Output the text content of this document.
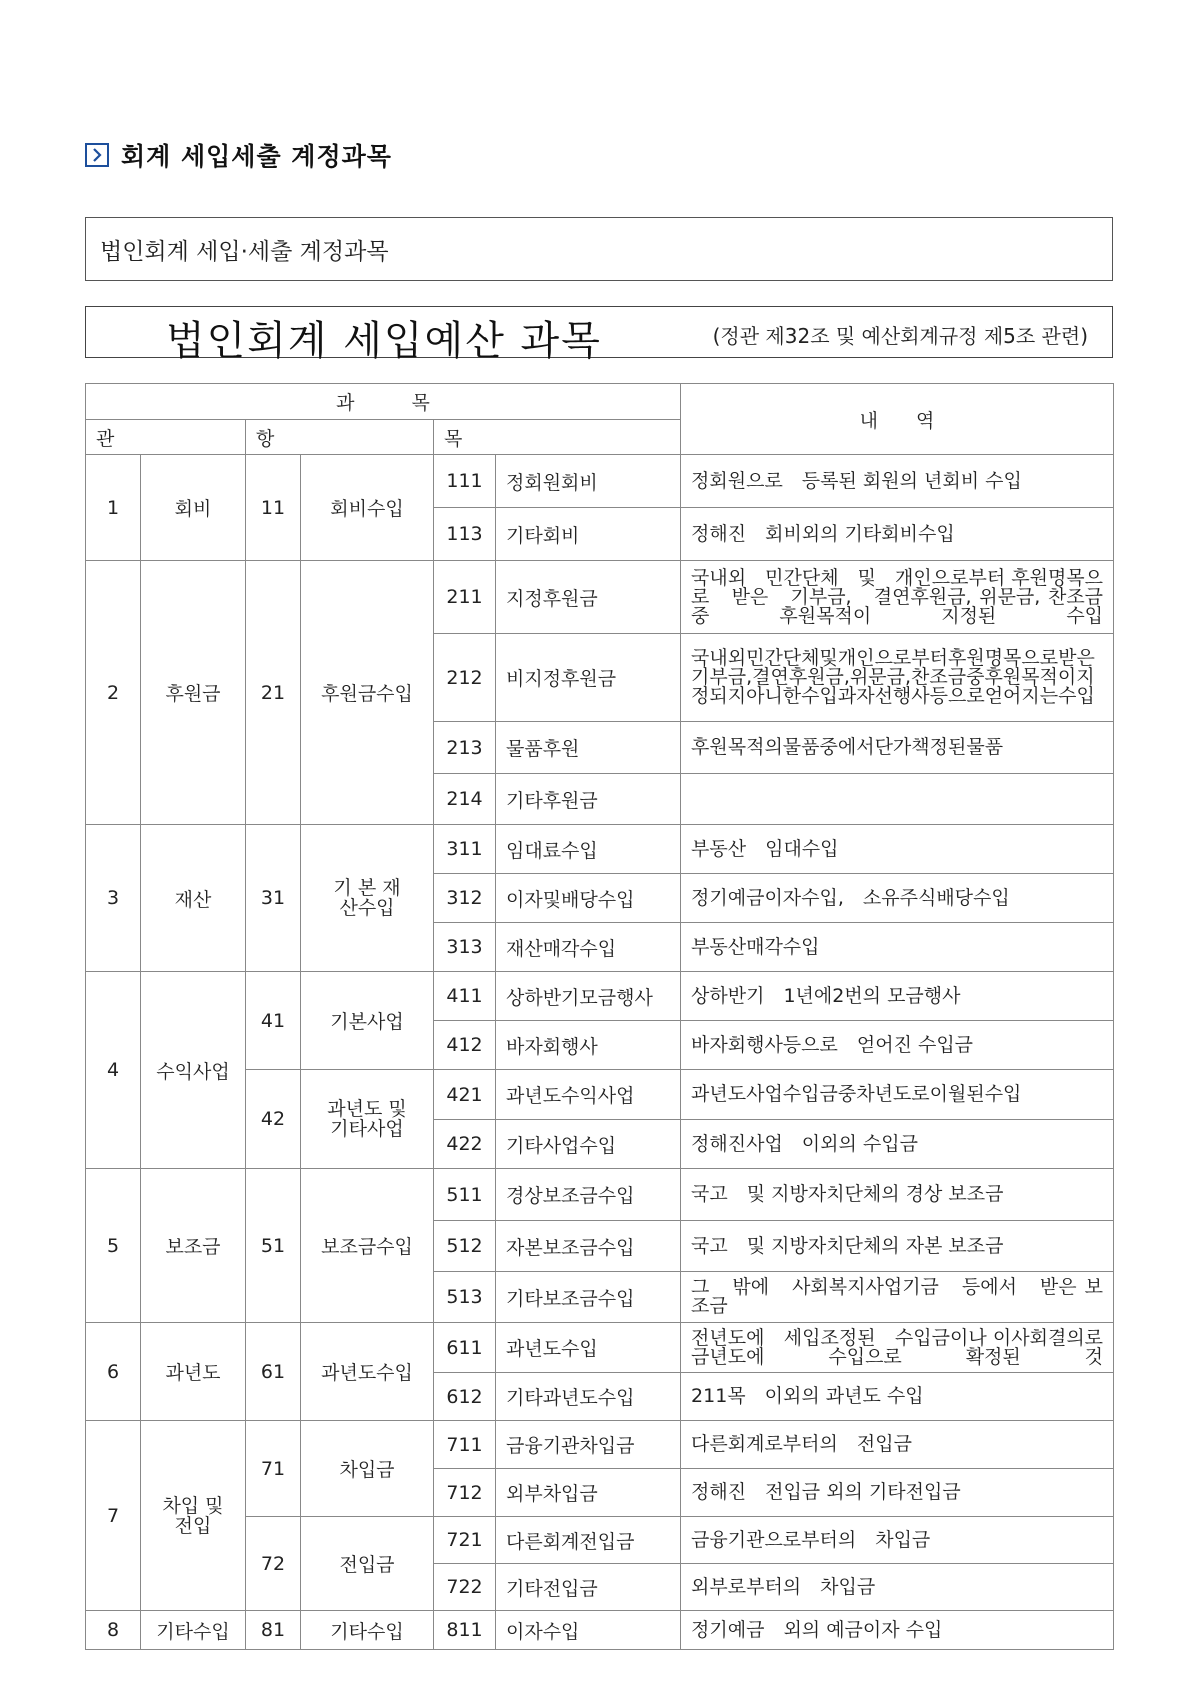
회계 세입세출 계정과목
법인회계 세입·세출 계정과목
법인회계 세입예산 과목	(정관 제32조 및 예산회계규정 제5조 관련)
과　　　목						내　　역
관		항		목		
1	회비	11	회비수입	111	정회원회비	정회원으로　등록된 회원의 년회비 수입
				113	기타회비	정해진　회비외의 기타회비수입
2	후원금	21	후원금수입	211	지정후원금	국내외　민간단체　및　개인으로부터 후원명목으로　받은　기부금,　결연후원금, 위문금, 찬조금 중 후원목적이 지정된 수입
				212	비지정후원금	국내외민간단체및개인으로부터후원명목으로받은기부금,결연후원금,위문금,찬조금중후원목적이지정되지아니한수입과자선행사등으로얻어지는수입
				213	물품후원	후원목적의물품중에서단가책정된물품
				214	기타후원금	
3	재산	31	기 본 재산수입	311	임대료수입	부동산　임대수입
				312	이자및배당수입	정기예금이자수입,　소유주식배당수입
				313	재산매각수입	부동산매각수입
4	수익사업	41	기본사업	411	상하반기모금행사	상하반기　1년에2번의 모금행사
				412	바자회행사	바자회행사등으로　얻어진 수입금
		42	과년도 및 기타사업	421	과년도수익사업	과년도사업수입금중차년도로이월된수입
				422	기타사업수입	정해진사업　이외의 수입금
5	보조금	51	보조금수입	511	경상보조금수입	국고　및 지방자치단체의 경상 보조금
				512	자본보조금수입	국고　및 지방자치단체의 자본 보조금
				513	기타보조금수입	그　밖에　사회복지사업기금　등에서　받은 보조금
6	과년도	61	과년도수입	611	과년도수입	전년도에　세입조정된　수입금이나 이사회결의로 금년도에 수입으로 확정된 것
				612	기타과년도수입	211목　이외의 과년도 수입
7	차입 및 전입	71	차입금	711	금융기관차입금	다른회계로부터의　전입금
				712	외부차입금	정해진　전입금 외의 기타전입금
		72	전입금	721	다른회계전입금	금융기관으로부터의　차입금
				722	기타전입금	외부로부터의　차입금
8	기타수입	81	기타수입	811	이자수입	정기예금　외의 예금이자 수입
